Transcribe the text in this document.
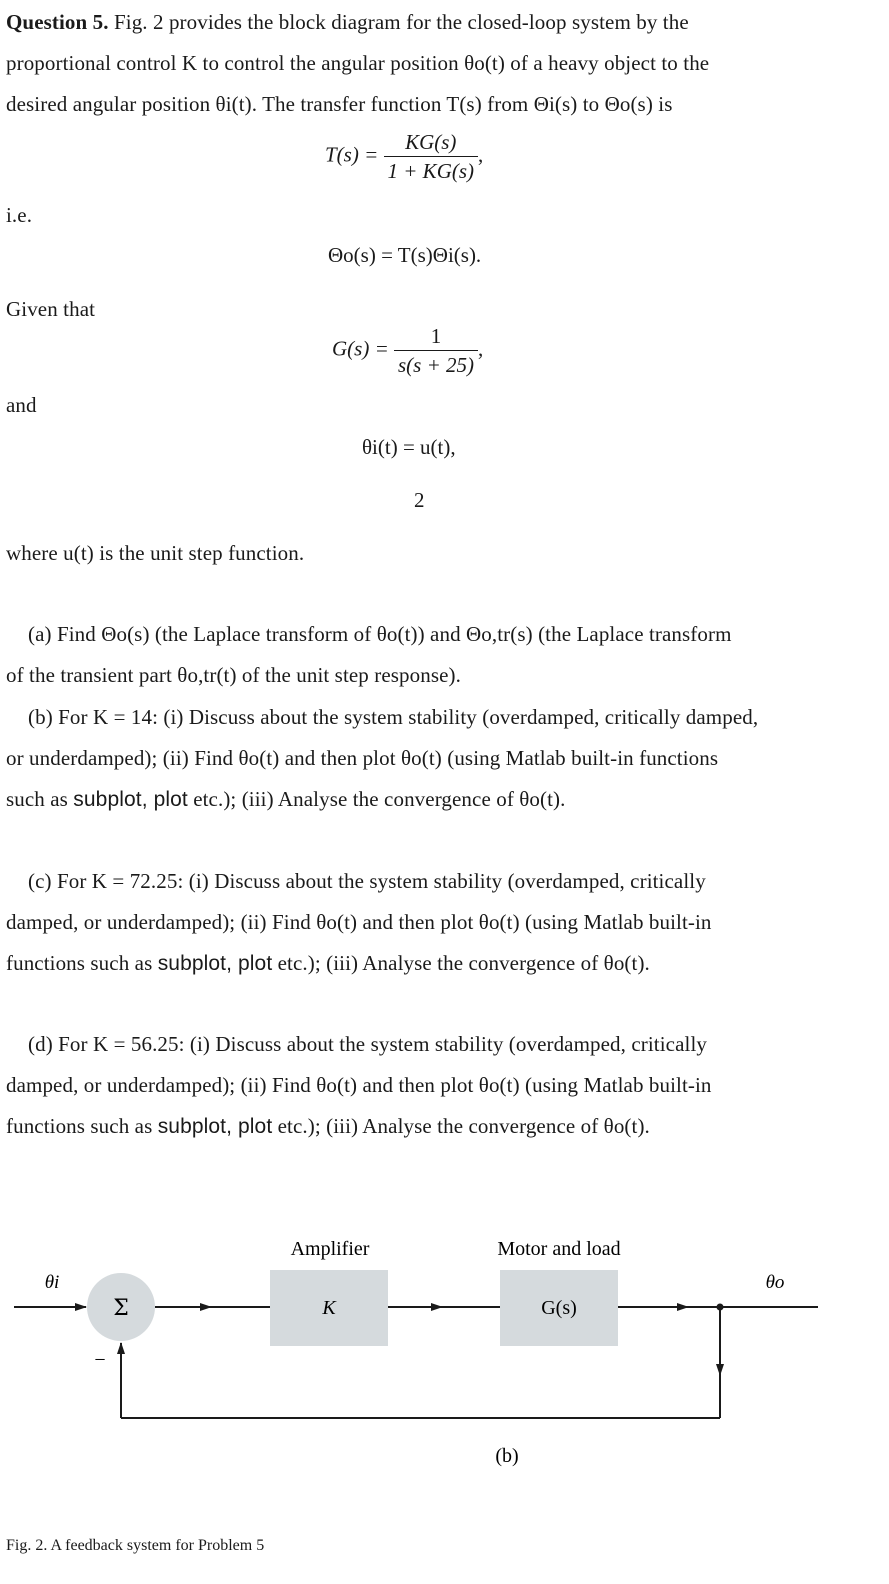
Question 5. Fig. 2 provides the block diagram for the closed-loop system by the
proportional control K to control the angular position θo(t) of a heavy object to the
desired angular position θi(t). The transfer function T(s) from Θi(s) to Θo(s) is
$T(s) = \frac{KG(s)}{1 + KG(s)}$ ,
i.e.
Θo(s) = T(s)Θi(s).
Given that
$G(s) = \frac{1}{s(s + 25)}$ ,
and
θi(t) = u(t),
2
where u(t) is the unit step function.
(a) Find Θo(s) (the Laplace transform of θo(t)) and Θo,tr(s) (the Laplace transform
of the transient part θo,tr(t) of the unit step response).
(b) For K = 14: (i) Discuss about the system stability (overdamped, critically damped,
or underdamped); (ii) Find θo(t) and then plot θo(t) (using Matlab built-in functions
such as subplot, plot etc.); (iii) Analyse the convergence of θo(t).
(c) For K = 72.25: (i) Discuss about the system stability (overdamped, critically
damped, or underdamped); (ii) Find θo(t) and then plot θo(t) (using Matlab built-in
functions such as subplot, plot etc.); (iii) Analyse the convergence of θo(t).
(d) For K = 56.25: (i) Discuss about the system stability (overdamped, critically
damped, or underdamped); (ii) Find θo(t) and then plot θo(t) (using Matlab built-in
functions such as subplot, plot etc.); (iii) Analyse the convergence of θo(t).
Amplifier	Motor and load
θi	θo
Σ
−
K	G(s)
(b)
Fig. 2. A feedback system for Problem 5
